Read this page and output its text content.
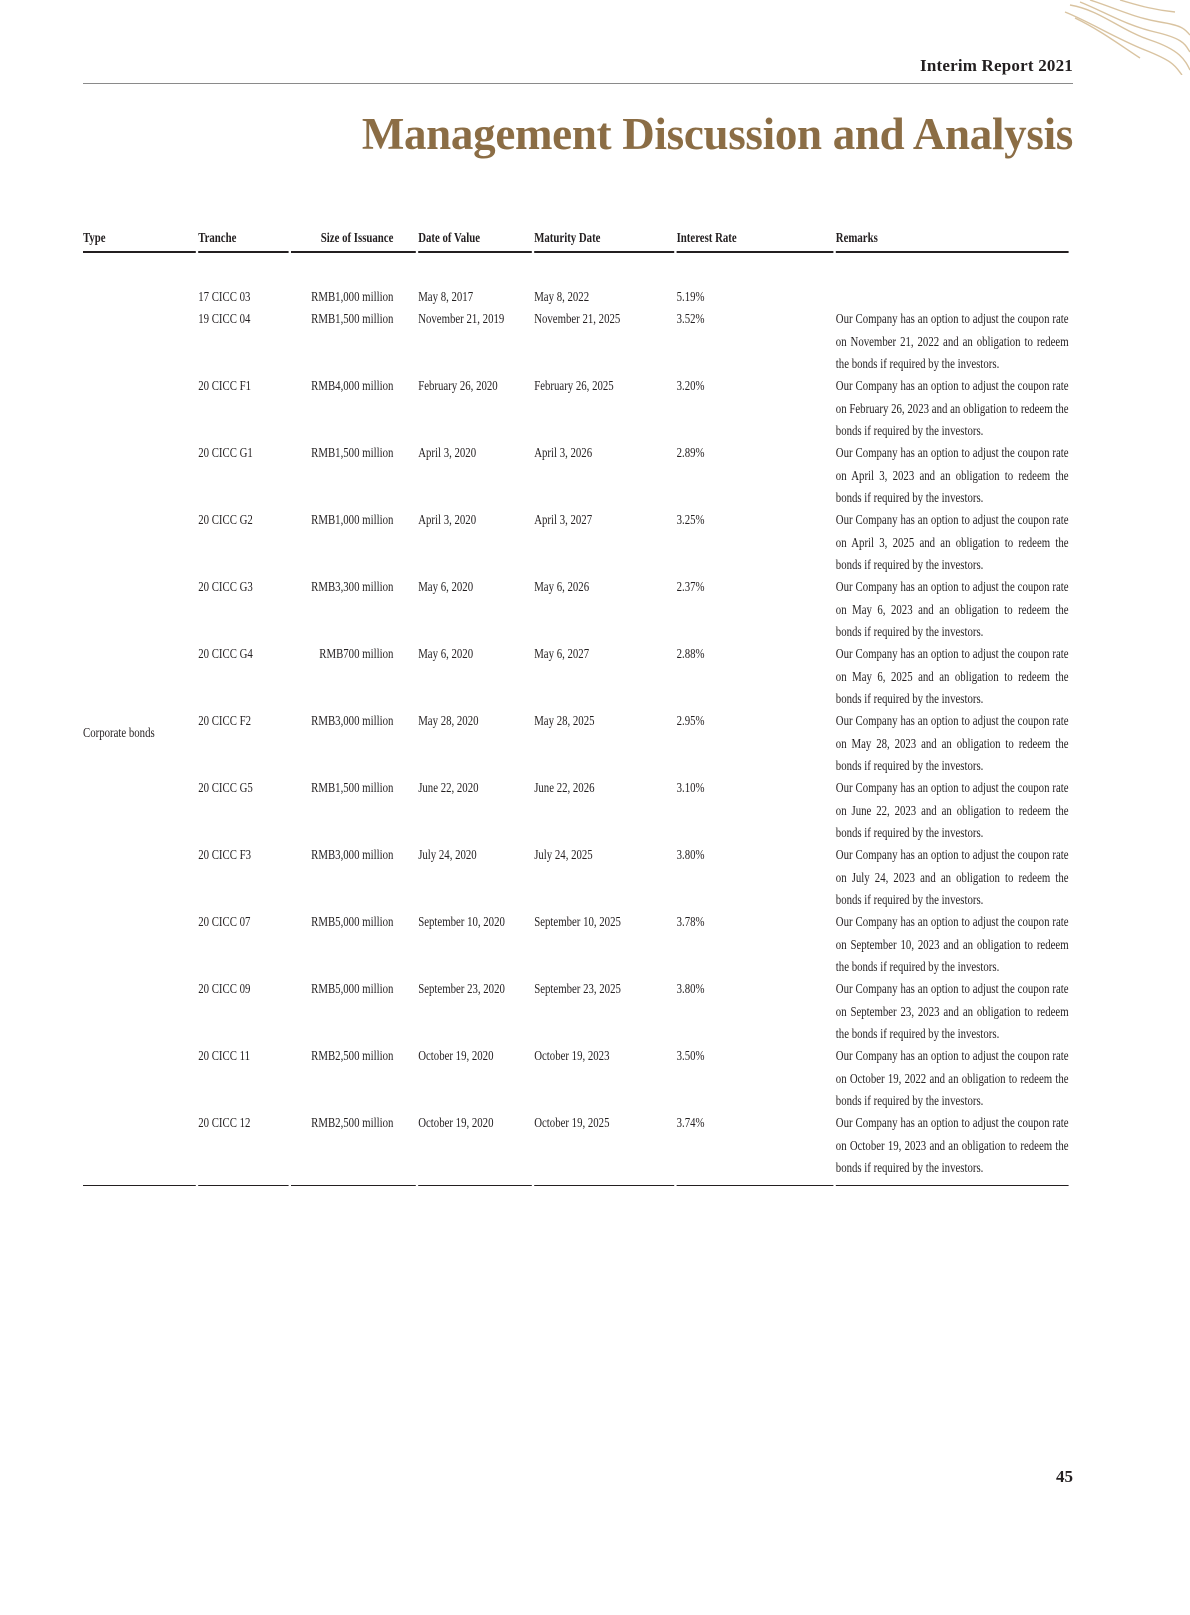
Interim Report 2021
Management Discussion and Analysis
Type	Tranche	Size of Issuance	Date of Value	Maturity Date	Interest Rate	Remarks

Corporate bonds	17 CICC 03	RMB1,000 million	May 8, 2017	May 8, 2022	5.19%	
	19 CICC 04	RMB1,500 million	November 21, 2019	November 21, 2025	3.52%	Our Company has an option to adjust the coupon rate on November 21, 2022 and an obligation to redeem the bonds if required by the investors.
	20 CICC F1	RMB4,000 million	February 26, 2020	February 26, 2025	3.20%	Our Company has an option to adjust the coupon rate on February 26, 2023 and an obligation to redeem the bonds if required by the investors.
	20 CICC G1	RMB1,500 million	April 3, 2020	April 3, 2026	2.89%	Our Company has an option to adjust the coupon rate on April 3, 2023 and an obligation to redeem the bonds if required by the investors.
	20 CICC G2	RMB1,000 million	April 3, 2020	April 3, 2027	3.25%	Our Company has an option to adjust the coupon rate on April 3, 2025 and an obligation to redeem the bonds if required by the investors.
	20 CICC G3	RMB3,300 million	May 6, 2020	May 6, 2026	2.37%	Our Company has an option to adjust the coupon rate on May 6, 2023 and an obligation to redeem the bonds if required by the investors.
	20 CICC G4	RMB700 million	May 6, 2020	May 6, 2027	2.88%	Our Company has an option to adjust the coupon rate on May 6, 2025 and an obligation to redeem the bonds if required by the investors.
	20 CICC F2	RMB3,000 million	May 28, 2020	May 28, 2025	2.95%	Our Company has an option to adjust the coupon rate on May 28, 2023 and an obligation to redeem the bonds if required by the investors.
	20 CICC G5	RMB1,500 million	June 22, 2020	June 22, 2026	3.10%	Our Company has an option to adjust the coupon rate on June 22, 2023 and an obligation to redeem the bonds if required by the investors.
	20 CICC F3	RMB3,000 million	July 24, 2020	July 24, 2025	3.80%	Our Company has an option to adjust the coupon rate on July 24, 2023 and an obligation to redeem the bonds if required by the investors.
	20 CICC 07	RMB5,000 million	September 10, 2020	September 10, 2025	3.78%	Our Company has an option to adjust the coupon rate on September 10, 2023 and an obligation to redeem the bonds if required by the investors.
	20 CICC 09	RMB5,000 million	September 23, 2020	September 23, 2025	3.80%	Our Company has an option to adjust the coupon rate on September 23, 2023 and an obligation to redeem the bonds if required by the investors.
	20 CICC 11	RMB2,500 million	October 19, 2020	October 19, 2023	3.50%	Our Company has an option to adjust the coupon rate on October 19, 2022 and an obligation to redeem the bonds if required by the investors.
	20 CICC 12	RMB2,500 million	October 19, 2020	October 19, 2025	3.74%	Our Company has an option to adjust the coupon rate on October 19, 2023 and an obligation to redeem the bonds if required by the investors.

45
